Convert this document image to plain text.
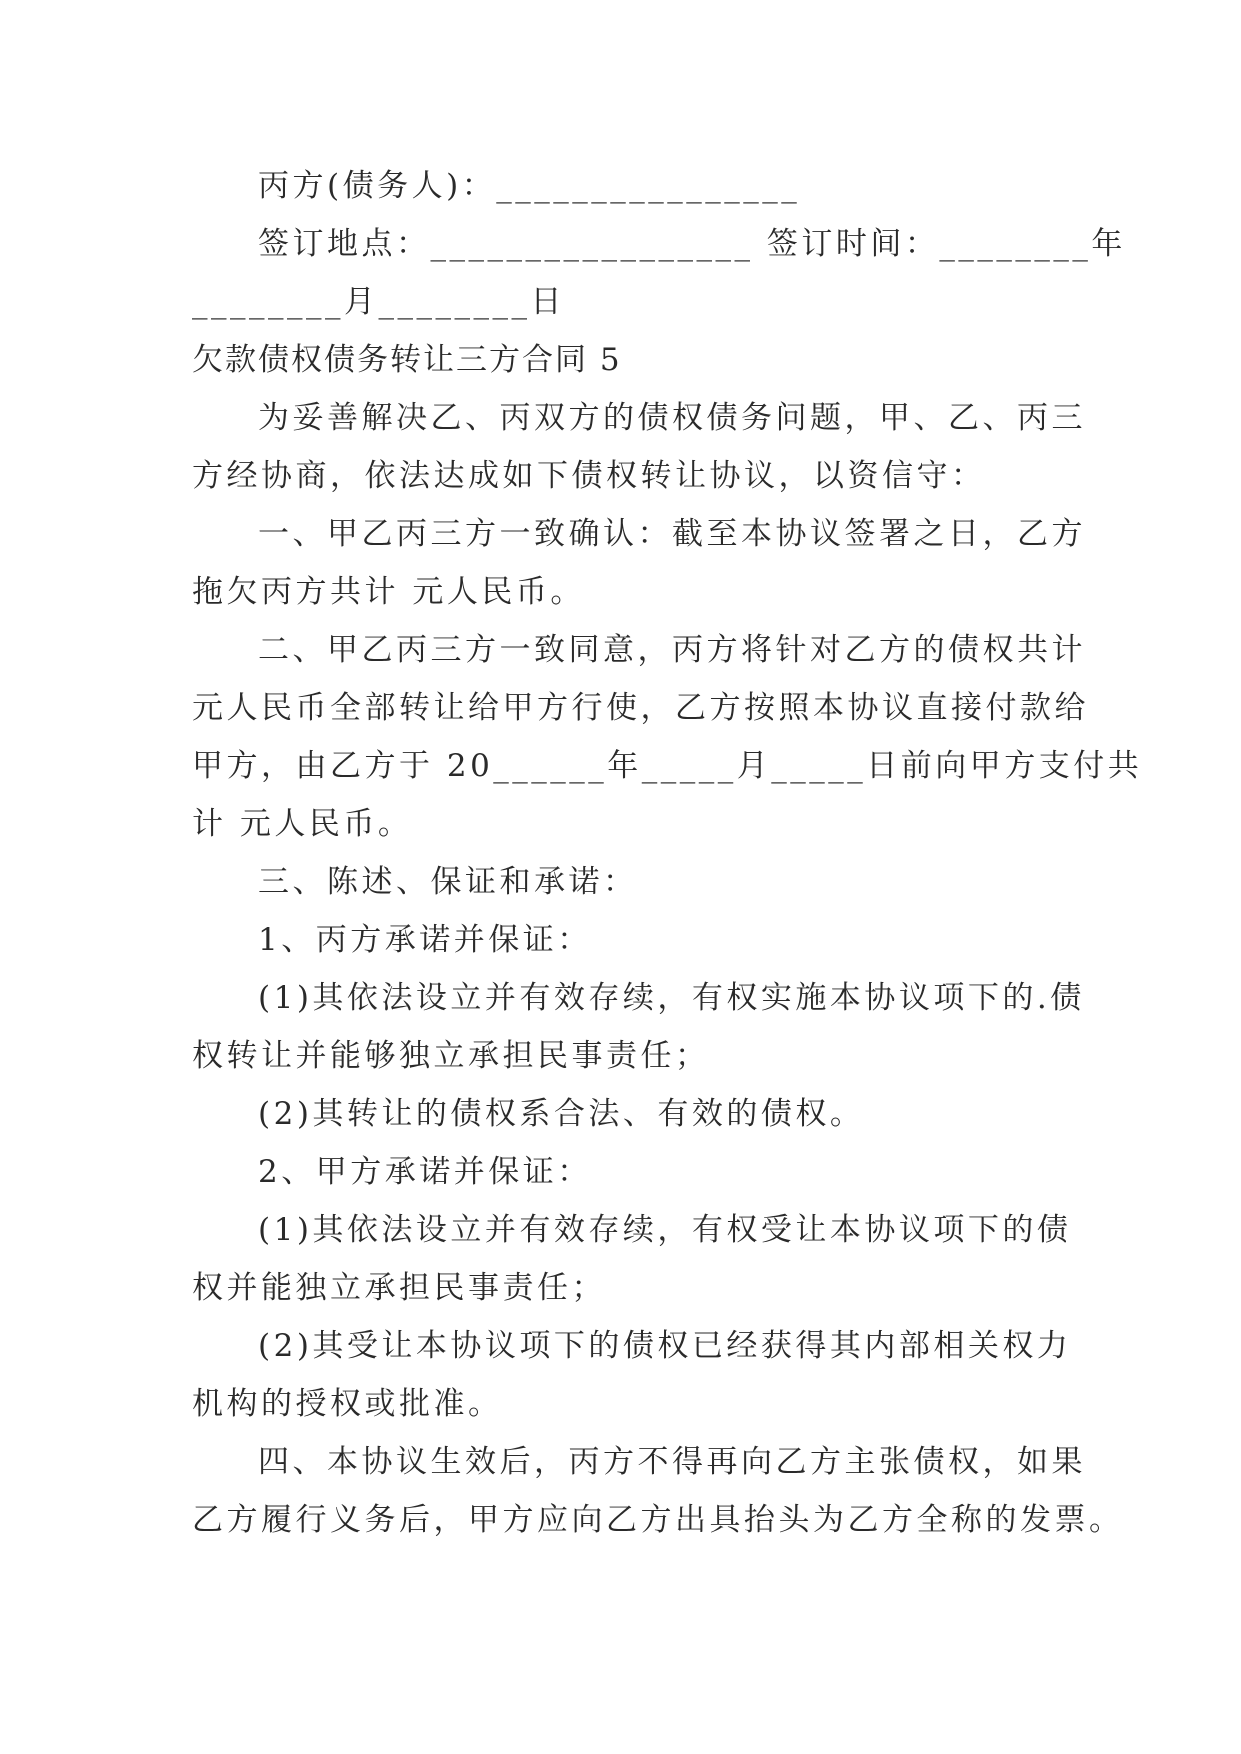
丙方(债务人)：________________
签订地点：_________________ 签订时间：________年
________月________日
欠款债权债务转让三方合同 5
为妥善解决乙、丙双方的债权债务问题，甲、乙、丙三
方经协商，依法达成如下债权转让协议，以资信守：
一、甲乙丙三方一致确认：截至本协议签署之日，乙方
拖欠丙方共计 元人民币。
二、甲乙丙三方一致同意，丙方将针对乙方的债权共计
元人民币全部转让给甲方行使，乙方按照本协议直接付款给
甲方，由乙方于 20______年_____月_____日前向甲方支付共
计 元人民币。
三、陈述、保证和承诺：
1、丙方承诺并保证：
(1)其依法设立并有效存续，有权实施本协议项下的.债
权转让并能够独立承担民事责任；
(2)其转让的债权系合法、有效的债权。
2、甲方承诺并保证：
(1)其依法设立并有效存续，有权受让本协议项下的债
权并能独立承担民事责任；
(2)其受让本协议项下的债权已经获得其内部相关权力
机构的授权或批准。
四、本协议生效后，丙方不得再向乙方主张债权，如果
乙方履行义务后，甲方应向乙方出具抬头为乙方全称的发票。
